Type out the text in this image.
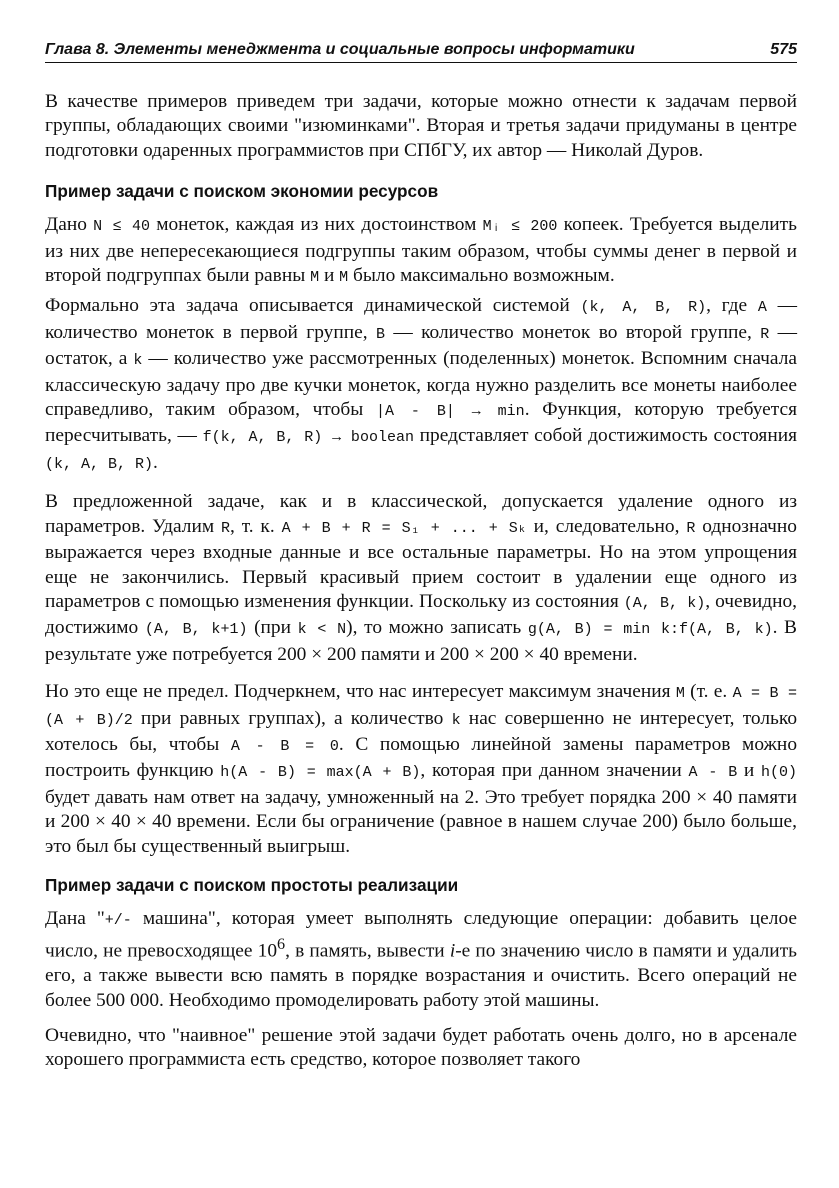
Глава 8. Элементы менеджмента и социальные вопросы информатики	575

В качестве примеров приведем три задачи, которые можно отнести к задачам первой группы, обладающих своими "изюминками". Вторая и третья задачи придуманы в центре подготовки одаренных программистов при СПбГУ, их автор — Николай Дуров.

Пример задачи с поиском экономии ресурсов

Дано N ≤ 40 монеток, каждая из них достоинством Mᵢ ≤ 200 копеек. Требуется выделить из них две непересекающиеся подгруппы таким образом, чтобы суммы денег в первой и второй подгруппах были равны M и M было максимально возможным.

Формально эта задача описывается динамической системой (k, A, B, R), где A — количество монеток в первой группе, B — количество монеток во второй группе, R — остаток, а k — количество уже рассмотренных (поделенных) монеток. Вспомним сначала классическую задачу про две кучки монеток, когда нужно разделить все монеты наиболее справедливо, таким образом, чтобы |A - B| → min. Функция, которую требуется пересчитывать, — f(k, A, B, R) → boolean представляет собой достижимость состояния (k, A, B, R).

В предложенной задаче, как и в классической, допускается удаление одного из параметров. Удалим R, т. к. A + B + R = S₁ + ... + Sₖ и, следовательно, R однозначно выражается через входные данные и все остальные параметры. Но на этом упрощения еще не закончились. Первый красивый прием состоит в удалении еще одного из параметров с помощью изменения функции. Поскольку из состояния (A, B, k), очевидно, достижимо (A, B, k+1) (при k < N), то можно записать g(A, B) = min k:f(A, B, k). В результате уже потребуется 200 × 200 памяти и 200 × 200 × 40 времени.

Но это еще не предел. Подчеркнем, что нас интересует максимум значения M (т. е. A = B = (A + B)/2 при равных группах), а количество k нас совершенно не интересует, только хотелось бы, чтобы A - B = 0. С помощью линейной замены параметров можно построить функцию h(A - B) = max(A + B), которая при данном значении A - B и h(0) будет давать нам ответ на задачу, умноженный на 2. Это требует порядка 200 × 40 памяти и 200 × 40 × 40 времени. Если бы ограничение (равное в нашем случае 200) было больше, это был бы существенный выигрыш.

Пример задачи с поиском простоты реализации

Дана "+/- машина", которая умеет выполнять следующие операции: добавить целое число, не превосходящее $10^6$, в память, вывести i-е по значению число в памяти и удалить его, а также вывести всю память в порядке возрастания и очистить. Всего операций не более 500 000. Необходимо промоделировать работу этой машины.

Очевидно, что "наивное" решение этой задачи будет работать очень долго, но в арсенале хорошего программиста есть средство, которое позволяет такого
